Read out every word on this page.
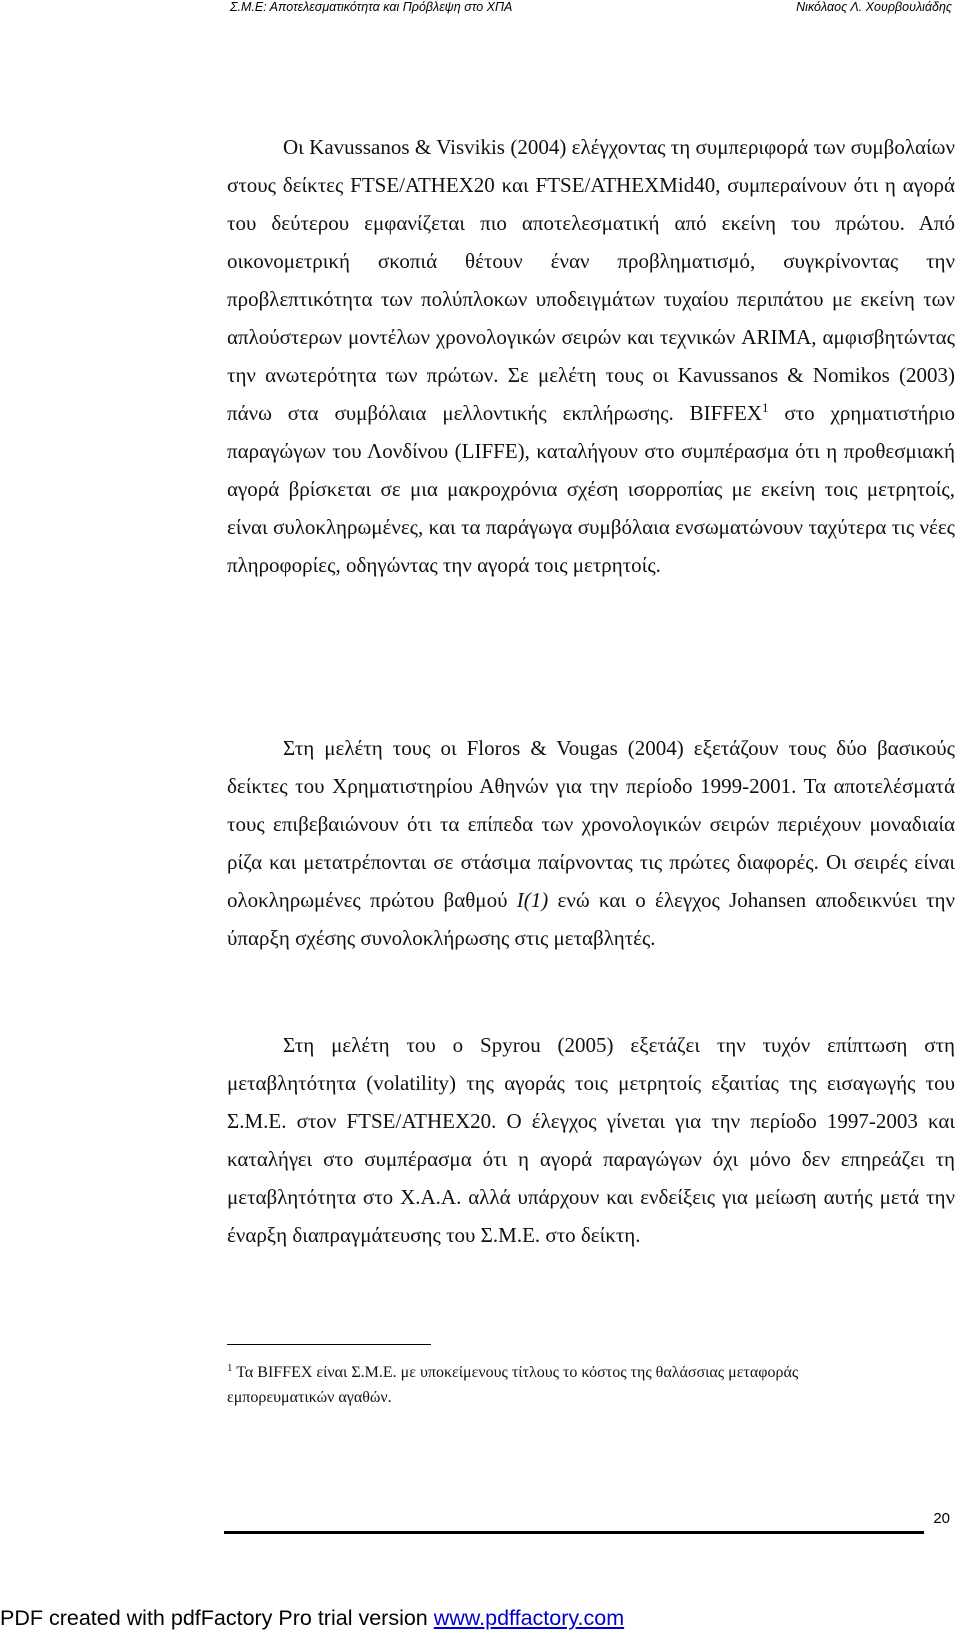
Σ.Μ.Ε: Αποτελεσματικότητα και Πρόβλεψη στο ΧΠΑ	Νικόλαος Λ. Χουρβουλιάδης

Οι Kavussanos & Visvikis (2004) ελέγχοντας τη συμπεριφορά των συμβολαίων στους δείκτες FTSE/ATHEX20 και FTSE/ATHEXMid40, συμπεραίνουν ότι η αγορά του δεύτερου εμφανίζεται πιο αποτελεσματική από εκείνη του πρώτου. Από οικονομετρική σκοπιά θέτουν έναν προβληματισμό, συγκρίνοντας την προβλεπτικότητα των πολύπλοκων υποδειγμάτων τυχαίου περιπάτου με εκείνη των απλούστερων μοντέλων χρονολογικών σειρών και τεχνικών ARIMA, αμφισβητώντας την ανωτερότητα των πρώτων. Σε μελέτη τους οι Kavussanos & Nomikos (2003) πάνω στα συμβόλαια μελλοντικής εκπλήρωσης. BIFFEX$^1$ στο χρηματιστήριο παραγώγων του Λονδίνου (LIFFE), καταλήγουν στο συμπέρασμα ότι η προθεσμιακή αγορά βρίσκεται σε μια μακροχρόνια σχέση ισορροπίας με εκείνη τοις μετρητοίς, είναι συλοκληρωμένες, και τα παράγωγα συμβόλαια ενσωματώνουν ταχύτερα τις νέες πληροφορίες, οδηγώντας την αγορά τοις μετρητοίς.

Στη μελέτη τους οι Floros & Vougas (2004) εξετάζουν τους δύο βασικούς δείκτες του Χρηματιστηρίου Αθηνών για την περίοδο 1999-2001. Τα αποτελέσματά τους επιβεβαιώνουν ότι τα επίπεδα των χρονολογικών σειρών περιέχουν μοναδιαία ρίζα και μετατρέπονται σε στάσιμα παίρνοντας τις πρώτες διαφορές. Οι σειρές είναι ολοκληρωμένες πρώτου βαθμού I(1) ενώ και ο έλεγχος Johansen αποδεικνύει την ύπαρξη σχέσης συνολοκλήρωσης στις μεταβλητές.

Στη μελέτη του ο Spyrou (2005) εξετάζει την τυχόν επίπτωση στη μεταβλητότητα (volatility) της αγοράς τοις μετρητοίς εξαιτίας της εισαγωγής του Σ.Μ.Ε. στον FTSE/ATHEX20. Ο έλεγχος γίνεται για την περίοδο 1997-2003 και καταλήγει στο συμπέρασμα ότι η αγορά παραγώγων όχι μόνο δεν επηρεάζει τη μεταβλητότητα στο Χ.Α.Α. αλλά υπάρχουν και ενδείξεις για μείωση αυτής μετά την έναρξη διαπραγμάτευσης του Σ.Μ.Ε. στο δείκτη.

$^1$ Τα BIFFEX είναι Σ.Μ.Ε. με υποκείμενους τίτλους το κόστος της θαλάσσιας μεταφοράς εμπορευματικών αγαθών.

20
PDF created with pdfFactory Pro trial version www.pdffactory.com
